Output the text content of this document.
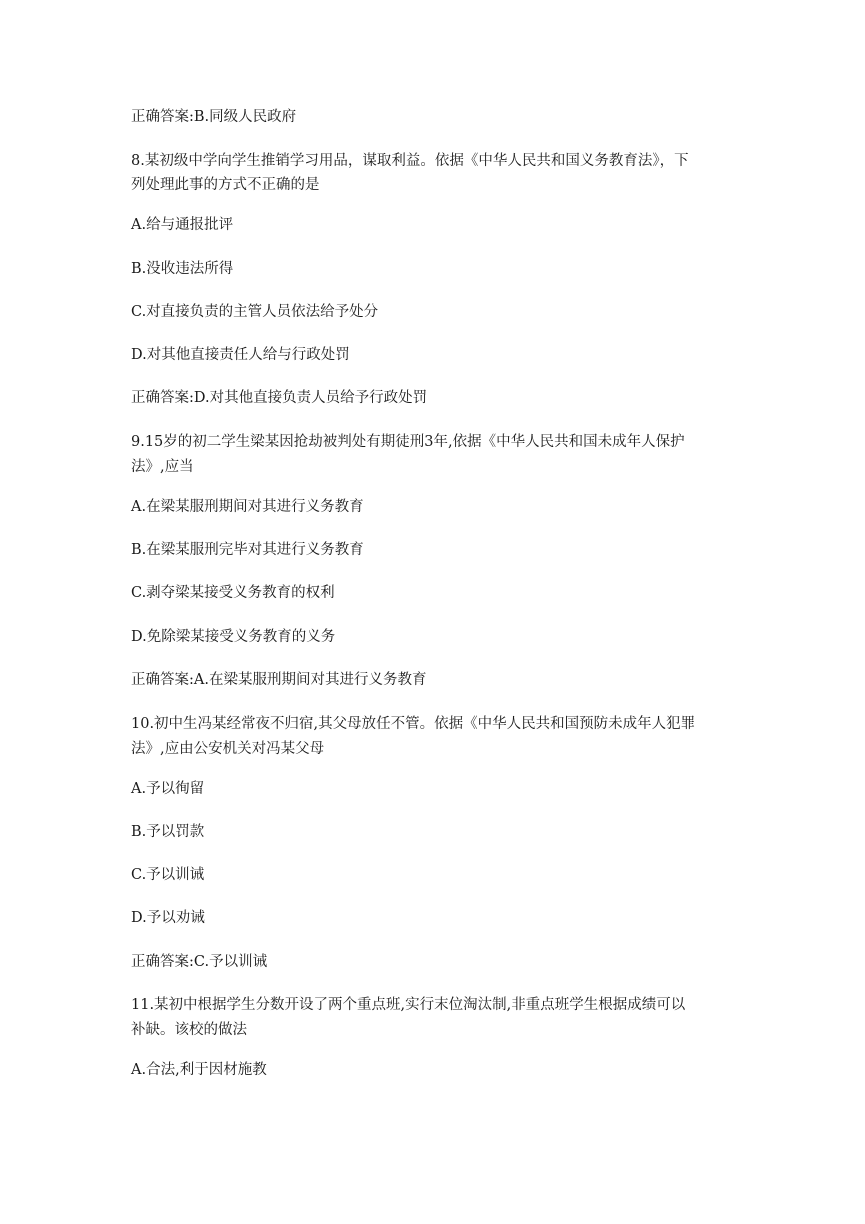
正确答案:B.同级人民政府
8.某初级中学向学生推销学习用品，谋取利益。依据《中华人民共和国义务教育法》，下
列处理此事的方式不正确的是
A.给与通报批评
B.没收违法所得
C.对直接负责的主管人员依法给予处分
D.对其他直接责任人给与行政处罚
正确答案:D.对其他直接负责人员给予行政处罚
9.15岁的初二学生梁某因抢劫被判处有期徒刑3年,依据《中华人民共和国未成年人保护
法》,应当
A.在梁某服刑期间对其进行义务教育
B.在梁某服刑完毕对其进行义务教育
C.剥夺梁某接受义务教育的权利
D.免除梁某接受义务教育的义务
正确答案:A.在梁某服刑期间对其进行义务教育
10.初中生冯某经常夜不归宿,其父母放任不管。依据《中华人民共和国预防未成年人犯罪
法》,应由公安机关对冯某父母
A.予以徇留
B.予以罚款
C.予以训诫
D.予以劝诫
正确答案:C.予以训诫
11.某初中根据学生分数开设了两个重点班,实行末位淘汰制,非重点班学生根据成绩可以
补缺。该校的做法
A.合法,利于因材施教
